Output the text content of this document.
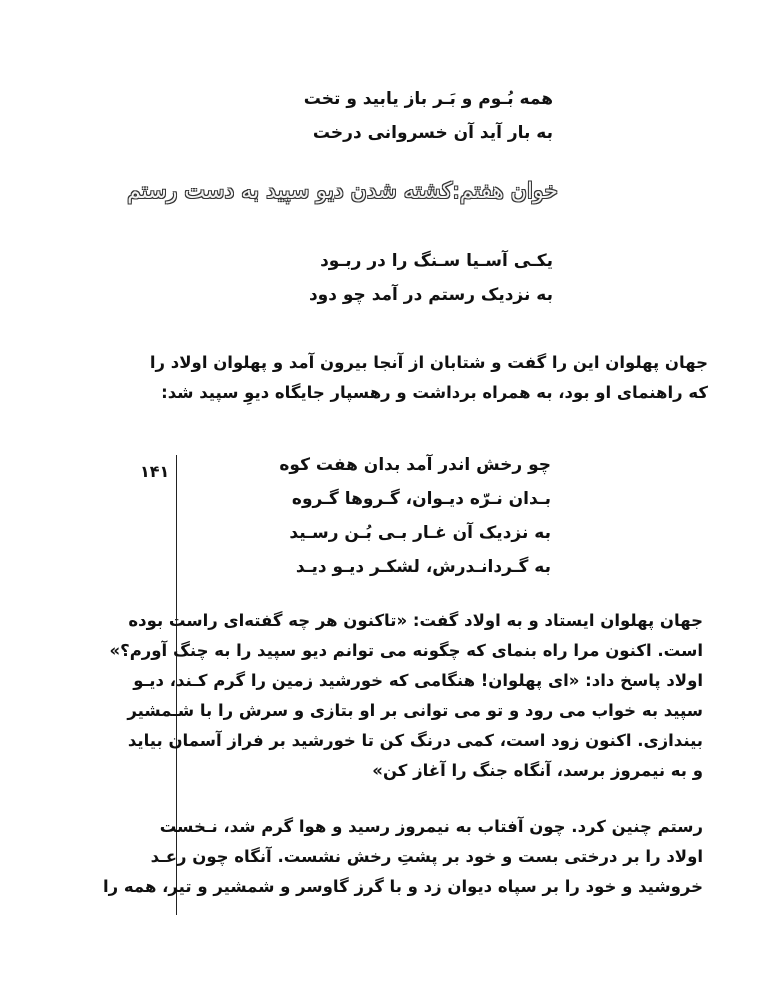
همه بُـوم و بَـر باز یابید و تخت
به بار آید آن خسروانی درخت
خوان هفتم:کشته شدن دیو سپید به دست رستم
یکـی آسـیا سـنگ را در ربـود
به نزدیک رستم در آمد چو دود
جهان پهلوان این را گفت و شتابان از آنجا بیرون آمد و پهلوان اولاد را
که راهنمای او بود، به همراه برداشت و رهسپار جایگاه دیوِ سپید شد:
۱۴۱	چو رخش اندر آمد بدان هفت کوه
بـدان نـرّه دیـوان، گـروها گـروه
به نزدیک آن غـار بـی بُـن رسـید
به گـردانـدرش، لشکـر دیـو دیـد
جهان پهلوان ایستاد و به اولاد گفت: «تاکنون هر چه گفته‌ای راست بوده
است. اکنون مرا راه بنمای که چگونه می توانم دیو سپید را به چنگ آورم؟»
اولاد پاسخ داد: «ای پهلوان! هنگامی که خورشید زمین را گرم کـند، دیـو
سپید به خواب می رود و تو می توانی بر او بتازی و سرش را با شـمشیر
بیندازی. اکنون زود است، کمی درنگ کن تا خورشید بر فراز آسمان بیاید
و به نیمروز برسد، آنگاه جنگ را آغاز کن»
رستم چنین کرد. چون آفتاب به نیمروز رسید و هوا گرم شد، نـخست
اولاد را بر درختی بست و خود بر پشتِ رخش نشست. آنگاه چون رعـد
خروشید و خود را بر سپاه دیوان زد و با گرز گاوسر و شمشیر و تیر، همه را
